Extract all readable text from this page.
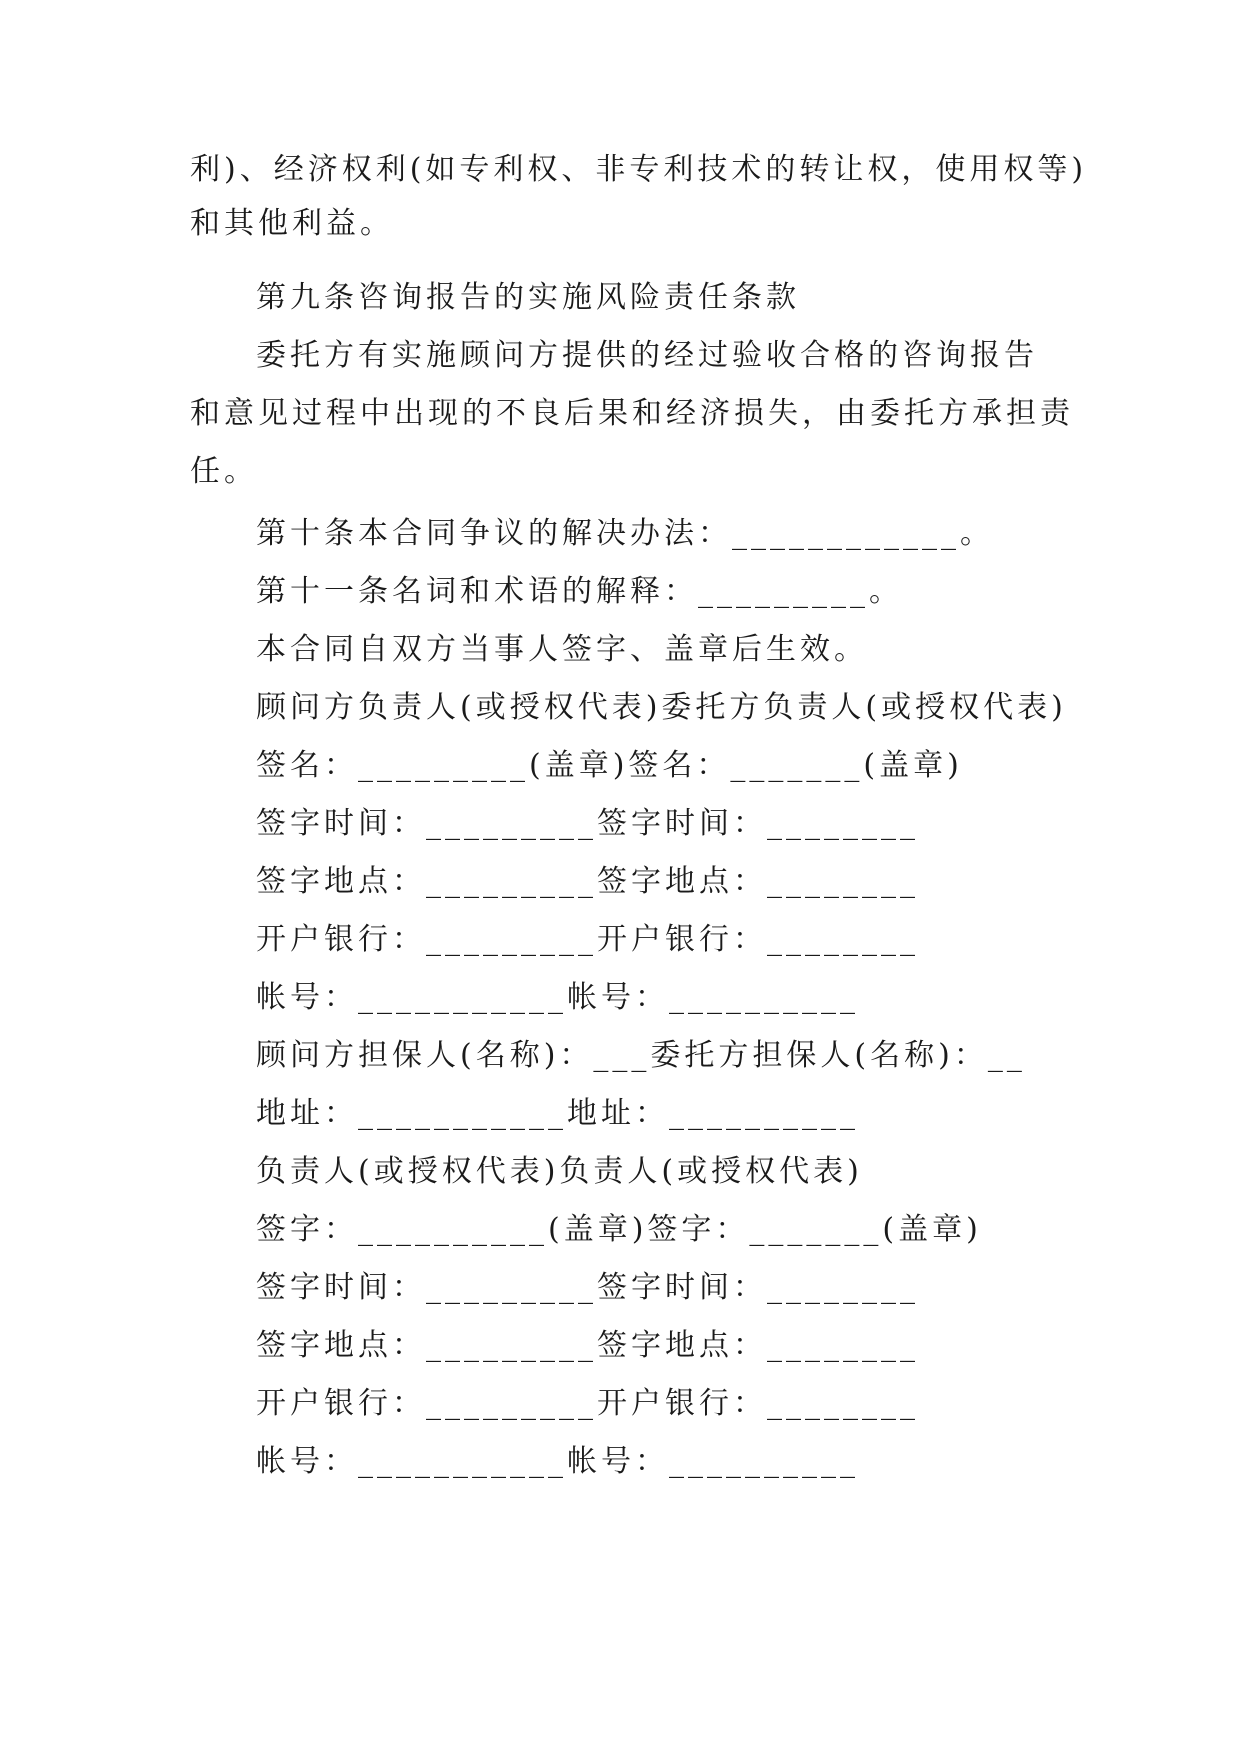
利)、经济权利(如专利权、非专利技术的转让权，使用权等)
和其他利益。
第九条咨询报告的实施风险责任条款
委托方有实施顾问方提供的经过验收合格的咨询报告
和意见过程中出现的不良后果和经济损失，由委托方承担责
任。
第十条本合同争议的解决办法：____________。
第十一条名词和术语的解释：_________。
本合同自双方当事人签字、盖章后生效。
顾问方负责人(或授权代表)委托方负责人(或授权代表)
签名：_________(盖章)签名：_______(盖章)
签字时间：_________签字时间：________
签字地点：_________签字地点：________
开户银行：_________开户银行：________
帐号：___________帐号：__________
顾问方担保人(名称)：___委托方担保人(名称)：__
地址：___________地址：__________
负责人(或授权代表)负责人(或授权代表)
签字：__________(盖章)签字：_______(盖章)
签字时间：_________签字时间：________
签字地点：_________签字地点：________
开户银行：_________开户银行：________
帐号：___________帐号：__________
